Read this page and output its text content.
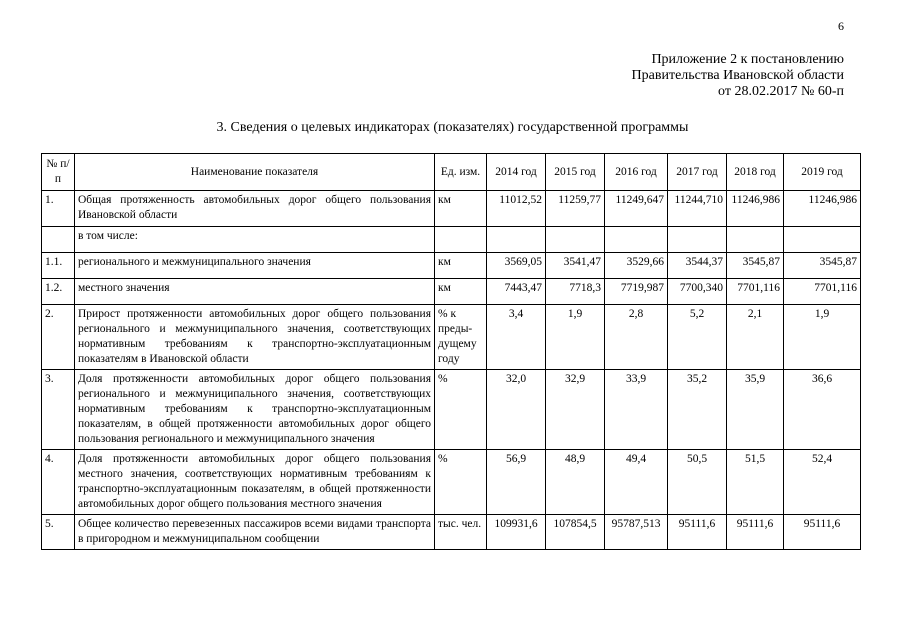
6
Приложение 2 к постановлению
Правительства Ивановской области
от 28.02.2017 № 60-п
3. Сведения о целевых индикаторах (показателях) государственной программы
№ п/п	Наименование показателя	Ед. изм.	2014 год	2015 год	2016 год	2017 год	2018 год	2019 год
1.	Общая протяженность автомобильных дорог общего пользования Ивановской области	км	11012,52	11259,77	11249,647	11244,710	11246,986	11246,986
	в том числе:							
1.1.	регионального и межмуниципального значения	км	3569,05	3541,47	3529,66	3544,37	3545,87	3545,87
1.2.	местного значения	км	7443,47	7718,3	7719,987	7700,340	7701,116	7701,116
2.	Прирост протяженности автомобильных дорог общего пользования регионального и межмуниципального значения, соответствующих нормативным требованиям к транспортно-эксплуатационным показателям в Ивановской области	% к преды-дущему году	3,4	1,9	2,8	5,2	2,1	1,9
3.	Доля протяженности автомобильных дорог общего пользования регионального и межмуниципального значения, соответствующих нормативным требованиям к транспортно-эксплуатационным показателям, в общей протяженности автомобильных дорог общего пользования регионального и межмуниципального значения	%	32,0	32,9	33,9	35,2	35,9	36,6
4.	Доля протяженности автомобильных дорог общего пользования местного значения, соответствующих нормативным требованиям к транспортно-эксплуатационным показателям, в общей протяженности автомобильных дорог общего пользования местного значения	%	56,9	48,9	49,4	50,5	51,5	52,4
5.	Общее количество перевезенных пассажиров всеми видами транспорта в пригородном и межмуниципальном сообщении	тыс. чел.	109931,6	107854,5	95787,513	95111,6	95111,6	95111,6
